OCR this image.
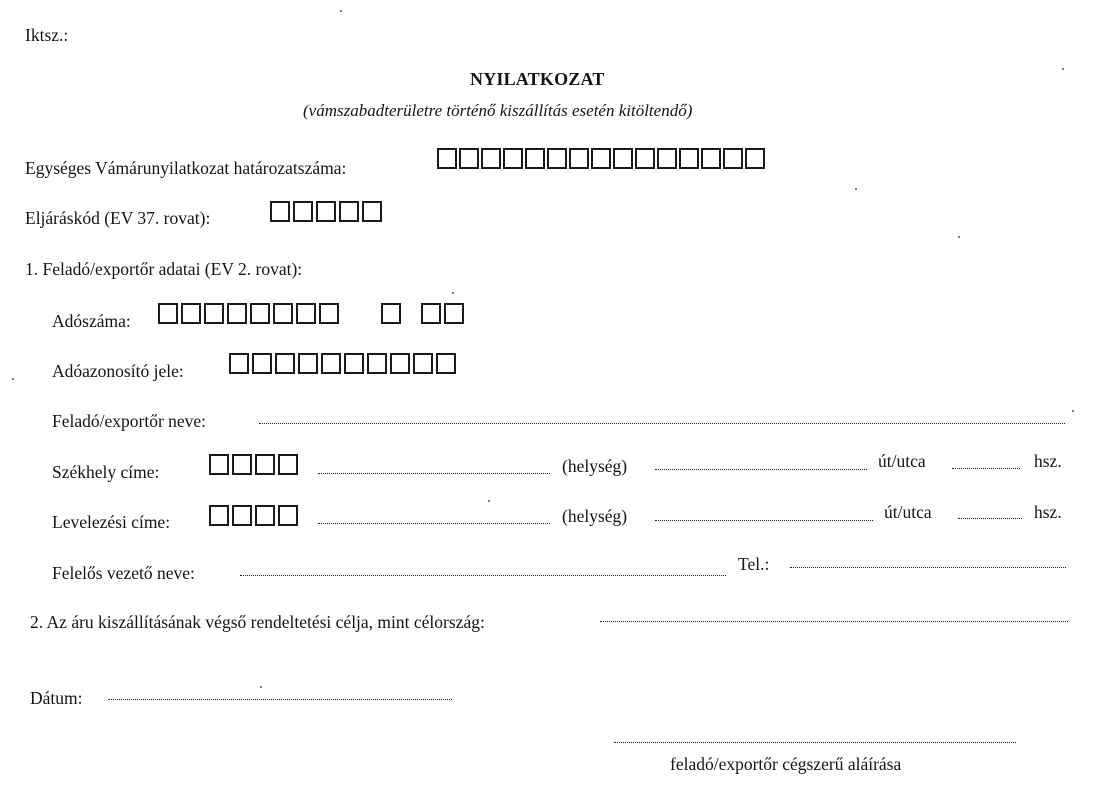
Iktsz.:
NYILATKOZAT
(vámszabadterületre történő kiszállítás esetén kitöltendő)
Egységes Vámárunyilatkozat határozatszáma:
Eljáráskód (EV 37. rovat):
1. Feladó/exportőr adatai (EV 2. rovat):
Adószáma:
Adóazonosító jele:
Feladó/exportőr neve:
Székhely címe:	(helység)	út/utca	hsz.
Levelezési címe:	(helység)	út/utca	hsz.
Felelős vezető neve:	Tel.:
2. Az áru kiszállításának végső rendeltetési célja, mint célország:
Dátum:
feladó/exportőr cégszerű aláírása
